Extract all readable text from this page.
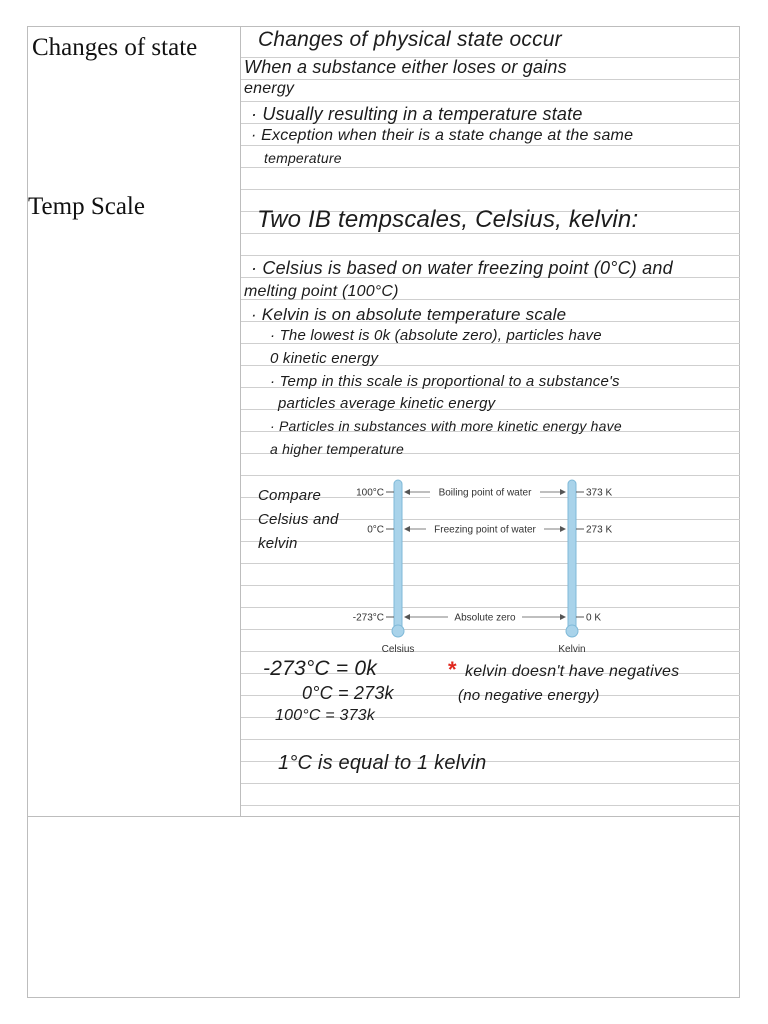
Changes of state
Temp Scale
Changes of physical state occur
When a substance either loses or gains
energy
· Usually resulting in a temperature state
· Exception when their is a state change at the same
temperature
Two IB tempscales, Celsius, kelvin:
· Celsius is based on water freezing point (0°C) and
melting point (100°C)
· Kelvin is on absolute temperature scale
· The lowest is 0k (absolute zero), particles have
0 kinetic energy
· Temp in this scale is proportional to a substance's
particles average kinetic energy
· Particles in substances with more kinetic energy have
a higher temperature
Compare Celsius and kelvin
100°C
0°C
-273°C
373 K
273 K
0 K
Boiling point of water
Freezing point of water
Absolute zero
Celsius	Kelvin
-273°C = 0k
0°C = 273k
100°C = 373k
* kelvin doesn't have negatives
(no negative energy)
1°C is equal to 1 kelvin
